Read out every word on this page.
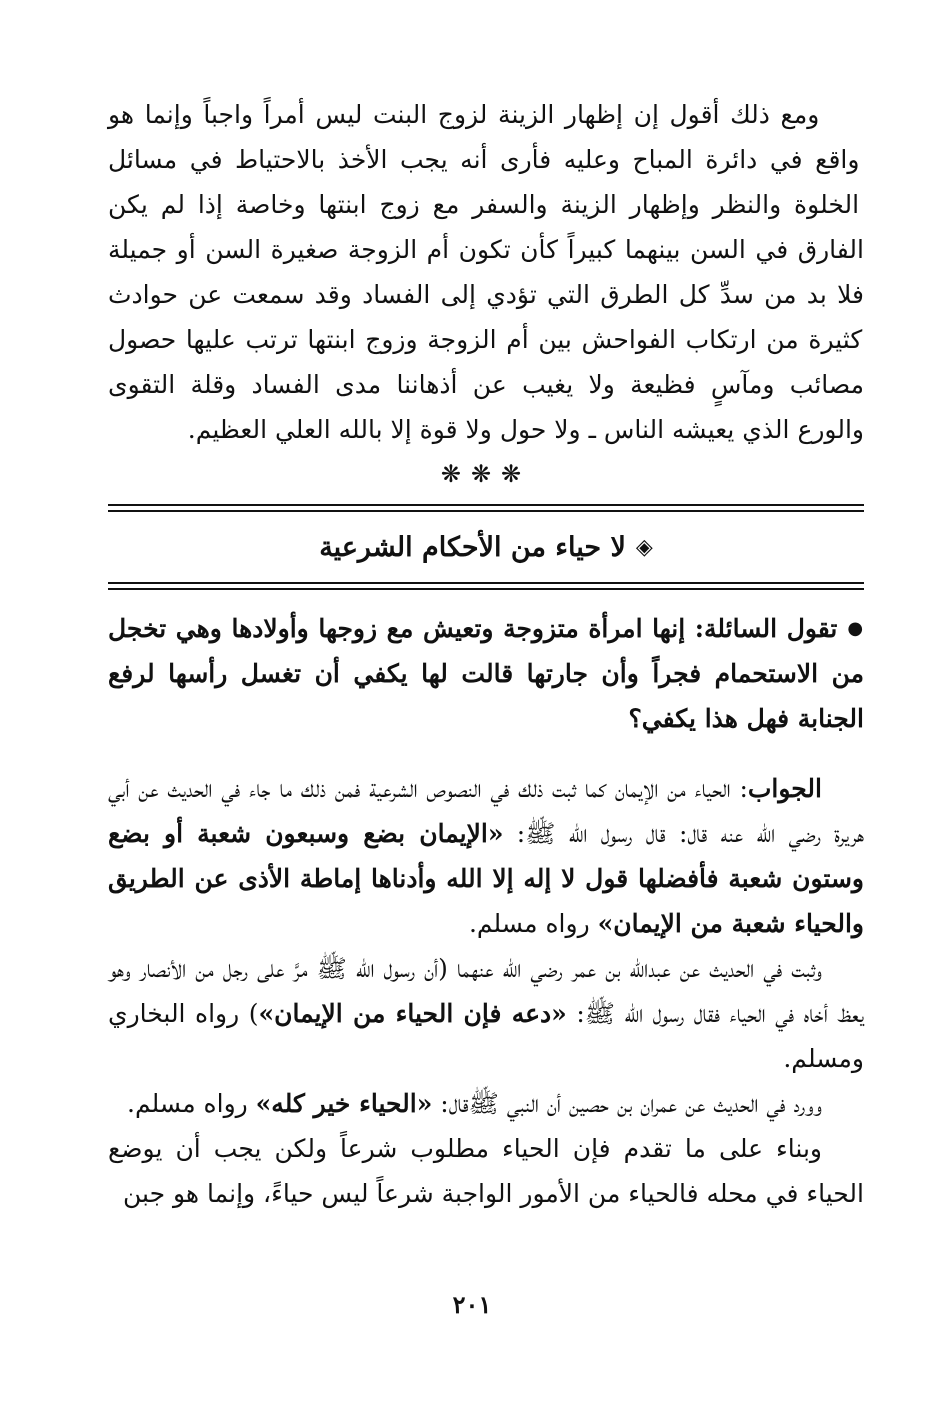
ومع ذلك أقول إن إظهار الزينة لزوج البنت ليس أمراً واجباً وإنما هو واقع في دائرة المباح وعليه فأرى أنه يجب الأخذ بالاحتياط في مسائل الخلوة والنظر وإظهار الزينة والسفر مع زوج ابنتها وخاصة إذا لم يكن الفارق في السن بينهما كبيراً كأن تكون أم الزوجة صغيرة السن أو جميلة فلا بد من سدِّ كل الطرق التي تؤدي إلى الفساد وقد سمعت عن حوادث كثيرة من ارتكاب الفواحش بين أم الزوجة وزوج ابنتها ترتب عليها حصول مصائب ومآسٍ فظيعة ولا يغيب عن أذهاننا مدى الفساد وقلة التقوى والورع الذي يعيشه الناس ـ ولا حول ولا قوة إلا بالله العلي العظيم.

❋❋❋
◈لا حياء من الأحكام الشرعية

●تقول السائلة: إنها امرأة متزوجة وتعيش مع زوجها وأولادها وهي تخجل من الاستحمام فجراً وأن جارتها قالت لها يكفي أن تغسل رأسها لرفع الجنابة فهل هذا يكفي؟

الجواب: الحياء من الإيمان كما ثبت ذلك في النصوص الشرعية فمن ذلك ما جاء في الحديث عن أبي هريرة رضي الله عنه قال: قال رسول الله ﷺ: «الإيمان بضع وسبعون شعبة أو بضع وستون شعبة فأفضلها قول لا إله إلا الله وأدناها إماطة الأذى عن الطريق والحياء شعبة من الإيمان» رواه مسلم.

وثبت في الحديث عن عبدالله بن عمر رضي الله عنهما (أن رسول الله ﷺ مرَّ على رجل من الأنصار وهو يعظ أخاه في الحياء فقال رسول الله ﷺ: «دعه فإن الحياء من الإيمان») رواه البخاري ومسلم.

وورد في الحديث عن عمران بن حصين أن النبي ﷺقال: «الحياء خير كله» رواه مسلم.

وبناء على ما تقدم فإن الحياء مطلوب شرعاً ولكن يجب أن يوضع الحياء في محله فالحياء من الأمور الواجبة شرعاً ليس حياءً، وإنما هو جبن

٢٠١
